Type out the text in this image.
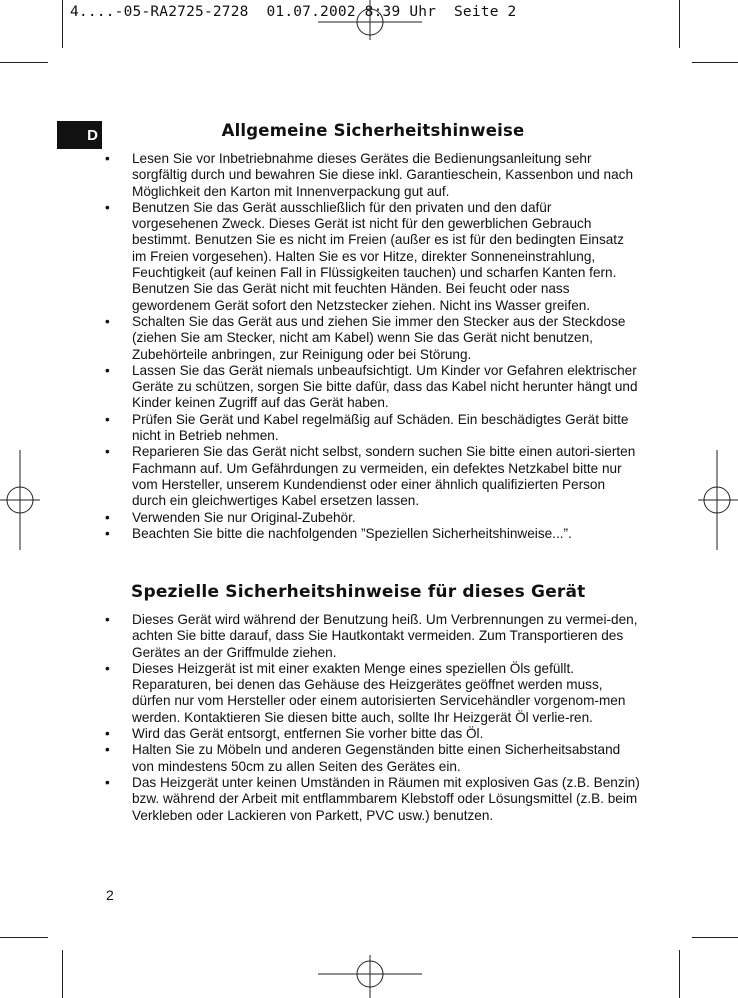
4....-05-RA2725-2728  01.07.2002 8:39 Uhr  Seite 2
D	Allgemeine Sicherheitshinweise
• Lesen Sie vor Inbetriebnahme dieses Gerätes die Bedienungsanleitung sehr sorgfältig durch und bewahren Sie diese inkl. Garantieschein, Kassenbon und nach Möglichkeit den Karton mit Innenverpackung gut auf.
• Benutzen Sie das Gerät ausschließlich für den privaten und den dafür vorgesehenen Zweck. Dieses Gerät ist nicht für den gewerblichen Gebrauch bestimmt. Benutzen Sie es nicht im Freien (außer es ist für den bedingten Einsatz im Freien vorgesehen). Halten Sie es vor Hitze, direkter Sonneneinstrahlung, Feuchtigkeit (auf keinen Fall in Flüssigkeiten tauchen) und scharfen Kanten fern. Benutzen Sie das Gerät nicht mit feuchten Händen. Bei feucht oder nass gewordenem Gerät sofort den Netzstecker ziehen. Nicht ins Wasser greifen.
• Schalten Sie das Gerät aus und ziehen Sie immer den Stecker aus der Steckdose (ziehen Sie am Stecker, nicht am Kabel) wenn Sie das Gerät nicht benutzen, Zubehörteile anbringen, zur Reinigung oder bei Störung.
• Lassen Sie das Gerät niemals unbeaufsichtigt. Um Kinder vor Gefahren elektrischer Geräte zu schützen, sorgen Sie bitte dafür, dass das Kabel nicht herunter hängt und Kinder keinen Zugriff auf das Gerät haben.
• Prüfen Sie Gerät und Kabel regelmäßig auf Schäden. Ein beschädigtes Gerät bitte nicht in Betrieb nehmen.
• Reparieren Sie das Gerät nicht selbst, sondern suchen Sie bitte einen autori-sierten Fachmann auf. Um Gefährdungen zu vermeiden, ein defektes Netzkabel bitte nur vom Hersteller, unserem Kundendienst oder einer ähnlich qualifizierten Person durch ein gleichwertiges Kabel ersetzen lassen.
• Verwenden Sie nur Original-Zubehör.
• Beachten Sie bitte die nachfolgenden ”Speziellen Sicherheitshinweise...”.
Spezielle Sicherheitshinweise für dieses Gerät
• Dieses Gerät wird während der Benutzung heiß. Um Verbrennungen zu vermei-den, achten Sie bitte darauf, dass Sie Hautkontakt vermeiden. Zum Transportieren des Gerätes an der Griffmulde ziehen.
• Dieses Heizgerät ist mit einer exakten Menge eines speziellen Öls gefüllt. Reparaturen, bei denen das Gehäuse des Heizgerätes geöffnet werden muss, dürfen nur vom Hersteller oder einem autorisierten Servicehändler vorgenom-men werden. Kontaktieren Sie diesen bitte auch, sollte Ihr Heizgerät Öl verlie-ren.
• Wird das Gerät entsorgt, entfernen Sie vorher bitte das Öl.
• Halten Sie zu Möbeln und anderen Gegenständen bitte einen Sicherheitsabstand von mindestens 50cm zu allen Seiten des Gerätes ein.
• Das Heizgerät unter keinen Umständen in Räumen mit explosiven Gas (z.B. Benzin) bzw. während der Arbeit mit entflammbarem Klebstoff oder Lösungsmittel (z.B. beim Verkleben oder Lackieren von Parkett, PVC usw.) benutzen.
2
